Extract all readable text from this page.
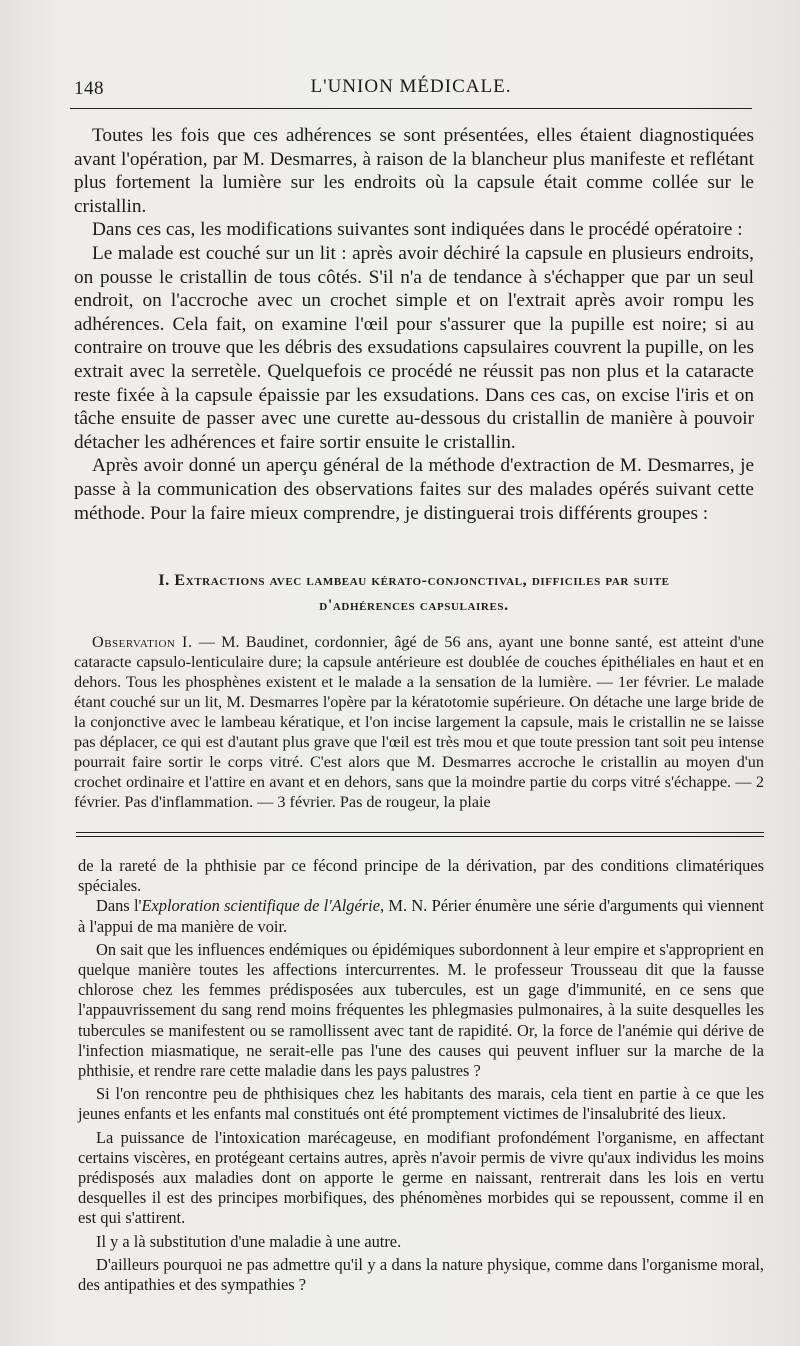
148	L'UNION MÉDICALE.

Toutes les fois que ces adhérences se sont présentées, elles étaient diagnostiquées avant l'opération, par M. Desmarres, à raison de la blancheur plus manifeste et reflétant plus fortement la lumière sur les endroits où la capsule était comme collée sur le cristallin.

Dans ces cas, les modifications suivantes sont indiquées dans le procédé opératoire :

Le malade est couché sur un lit : après avoir déchiré la capsule en plusieurs endroits, on pousse le cristallin de tous côtés. S'il n'a de tendance à s'échapper que par un seul endroit, on l'accroche avec un crochet simple et on l'extrait après avoir rompu les adhérences. Cela fait, on examine l'œil pour s'assurer que la pupille est noire; si au contraire on trouve que les débris des exsudations capsulaires couvrent la pupille, on les extrait avec la serretèle. Quelquefois ce procédé ne réussit pas non plus et la cataracte reste fixée à la capsule épaissie par les exsudations. Dans ces cas, on excise l'iris et on tâche ensuite de passer avec une curette au-dessous du cristallin de manière à pouvoir détacher les adhérences et faire sortir ensuite le cristallin.

Après avoir donné un aperçu général de la méthode d'extraction de M. Desmarres, je passe à la communication des observations faites sur des malades opérés suivant cette méthode. Pour la faire mieux comprendre, je distinguerai trois différents groupes :

I. Extractions avec lambeau kérato-conjonctival, difficiles par suite
d'adhérences capsulaires.

Observation I. — M. Baudinet, cordonnier, âgé de 56 ans, ayant une bonne santé, est atteint d'une cataracte capsulo-lenticulaire dure; la capsule antérieure est doublée de couches épithéliales en haut et en dehors. Tous les phosphènes existent et le malade a la sensation de la lumière. — 1er février. Le malade étant couché sur un lit, M. Desmarres l'opère par la kératotomie supérieure. On détache une large bride de la conjonctive avec le lambeau kératique, et l'on incise largement la capsule, mais le cristallin ne se laisse pas déplacer, ce qui est d'autant plus grave que l'œil est très mou et que toute pression tant soit peu intense pourrait faire sortir le corps vitré. C'est alors que M. Desmarres accroche le cristallin au moyen d'un crochet ordinaire et l'attire en avant et en dehors, sans que la moindre partie du corps vitré s'échappe. — 2 février. Pas d'inflammation. — 3 février. Pas de rougeur, la plaie

de la rareté de la phthisie par ce fécond principe de la dérivation, par des conditions climatériques spéciales.

Dans l'Exploration scientifique de l'Algérie, M. N. Périer énumère une série d'arguments qui viennent à l'appui de ma manière de voir.

On sait que les influences endémiques ou épidémiques subordonnent à leur empire et s'approprient en quelque manière toutes les affections intercurrentes. M. le professeur Trousseau dit que la fausse chlorose chez les femmes prédisposées aux tubercules, est un gage d'immunité, en ce sens que l'appauvrissement du sang rend moins fréquentes les phlegmasies pulmonaires, à la suite desquelles les tubercules se manifestent ou se ramollissent avec tant de rapidité. Or, la force de l'anémie qui dérive de l'infection miasmatique, ne serait-elle pas l'une des causes qui peuvent influer sur la marche de la phthisie, et rendre rare cette maladie dans les pays palustres ?

Si l'on rencontre peu de phthisiques chez les habitants des marais, cela tient en partie à ce que les jeunes enfants et les enfants mal constitués ont été promptement victimes de l'insalubrité des lieux.

La puissance de l'intoxication marécageuse, en modifiant profondément l'organisme, en affectant certains viscères, en protégeant certains autres, après n'avoir permis de vivre qu'aux individus les moins prédisposés aux maladies dont on apporte le germe en naissant, rentrerait dans les lois en vertu desquelles il est des principes morbifiques, des phénomènes morbides qui se repoussent, comme il en est qui s'attirent.

Il y a là substitution d'une maladie à une autre.

D'ailleurs pourquoi ne pas admettre qu'il y a dans la nature physique, comme dans l'organisme moral, des antipathies et des sympathies ?
